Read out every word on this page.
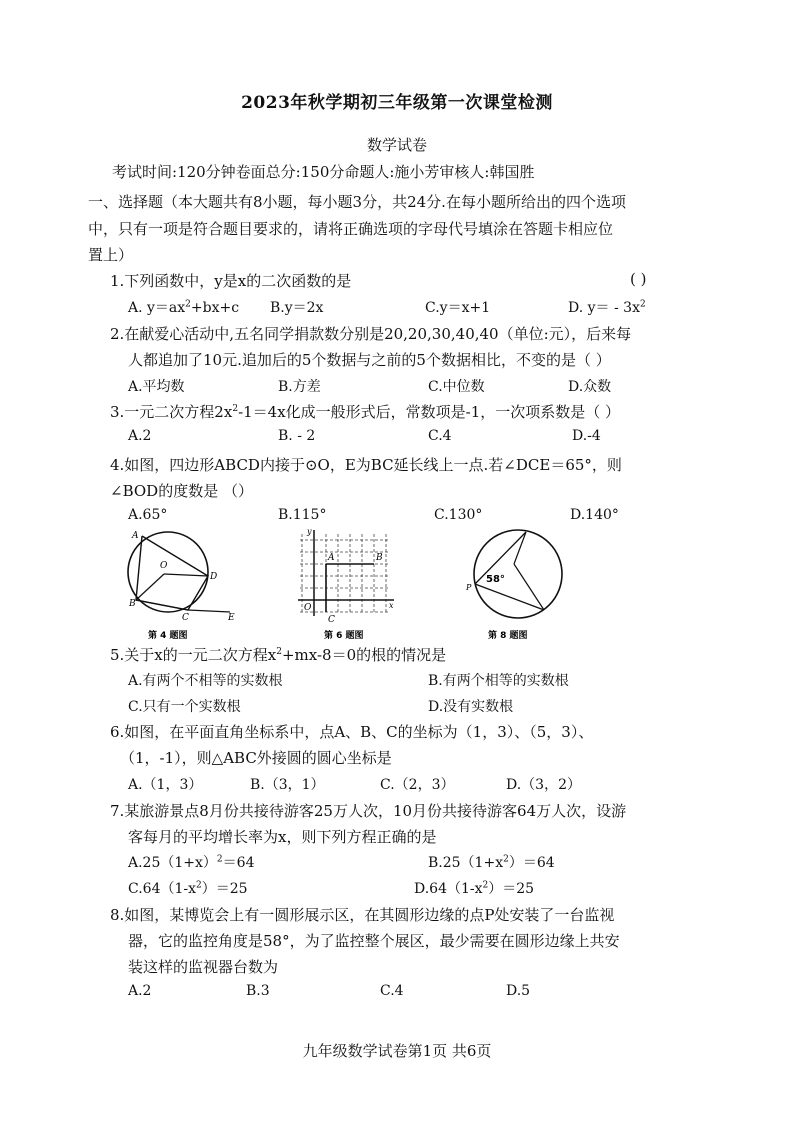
2023年秋学期初三年级第一次课堂检测
数学试卷
考试时间:120分钟卷面总分:150分命题人:施小芳审核人:韩国胜
一、选择题（本大题共有8小题，每小题3分，共24分.在每小题所给出的四个选项
中，只有一项是符合题目要求的，请将正确选项的字母代号填涂在答题卡相应位
置上）
1.下列函数中，y是x的二次函数的是	( )
A. $y=ax^2+bx+c$ B.y＝2x	C.y＝x+1	D. $y= - 3x^2$
2.在献爱心活动中,五名同学捐款数分别是20,20,30,40,40（单位:元），后来每
人都追加了10元.追加后的5个数据与之前的5个数据相比，不变的是（ ）
A.平均数	B.方差	C.中位数	D.众数
3.一元二次方程$2x^2-1=4x$化成一般形式后，常数项是-1，一次项系数是（ ）
A.2	B. - 2	C.4	D.-4
4.如图，四边形ABCD内接于⊙O，E为BC延长线上一点.若∠DCE＝65°，则
∠BOD的度数是 （）
A.65°	B.115°	C.130°	D.140°
A
O
D
B
C	E
第 4 题图
y
A	B
O
C
x
第 6 题图
P
58°
第 8 题图
5.关于x的一元二次方程$x^2+mx-8=0$的根的情况是
A.有两个不相等的实数根	B.有两个相等的实数根
C.只有一个实数根	D.没有实数根
6.如图，在平面直角坐标系中，点A、B、C的坐标为（1，3）、（5，3）、
（1，-1），则△ABC外接圆的圆心坐标是
A.（1，3）	B.（3，1）	C.（2，3）	D.（3，2）
7.某旅游景点8月份共接待游客25万人次，10月份共接待游客64万人次，设游
客每月的平均增长率为x，则下列方程正确的是
$A.25(1+x)^2=64$	$B.25(1+x^2)=64$
$C.64(1-x^2)=25$	$D.64(1-x^2)=25$
8.如图，某博览会上有一圆形展示区，在其圆形边缘的点P处安装了一台监视
器，它的监控角度是58°，为了监控整个展区，最少需要在圆形边缘上共安
装这样的监视器台数为
A.2	B.3	C.4	D.5
九年级数学试卷第1页 共6页
